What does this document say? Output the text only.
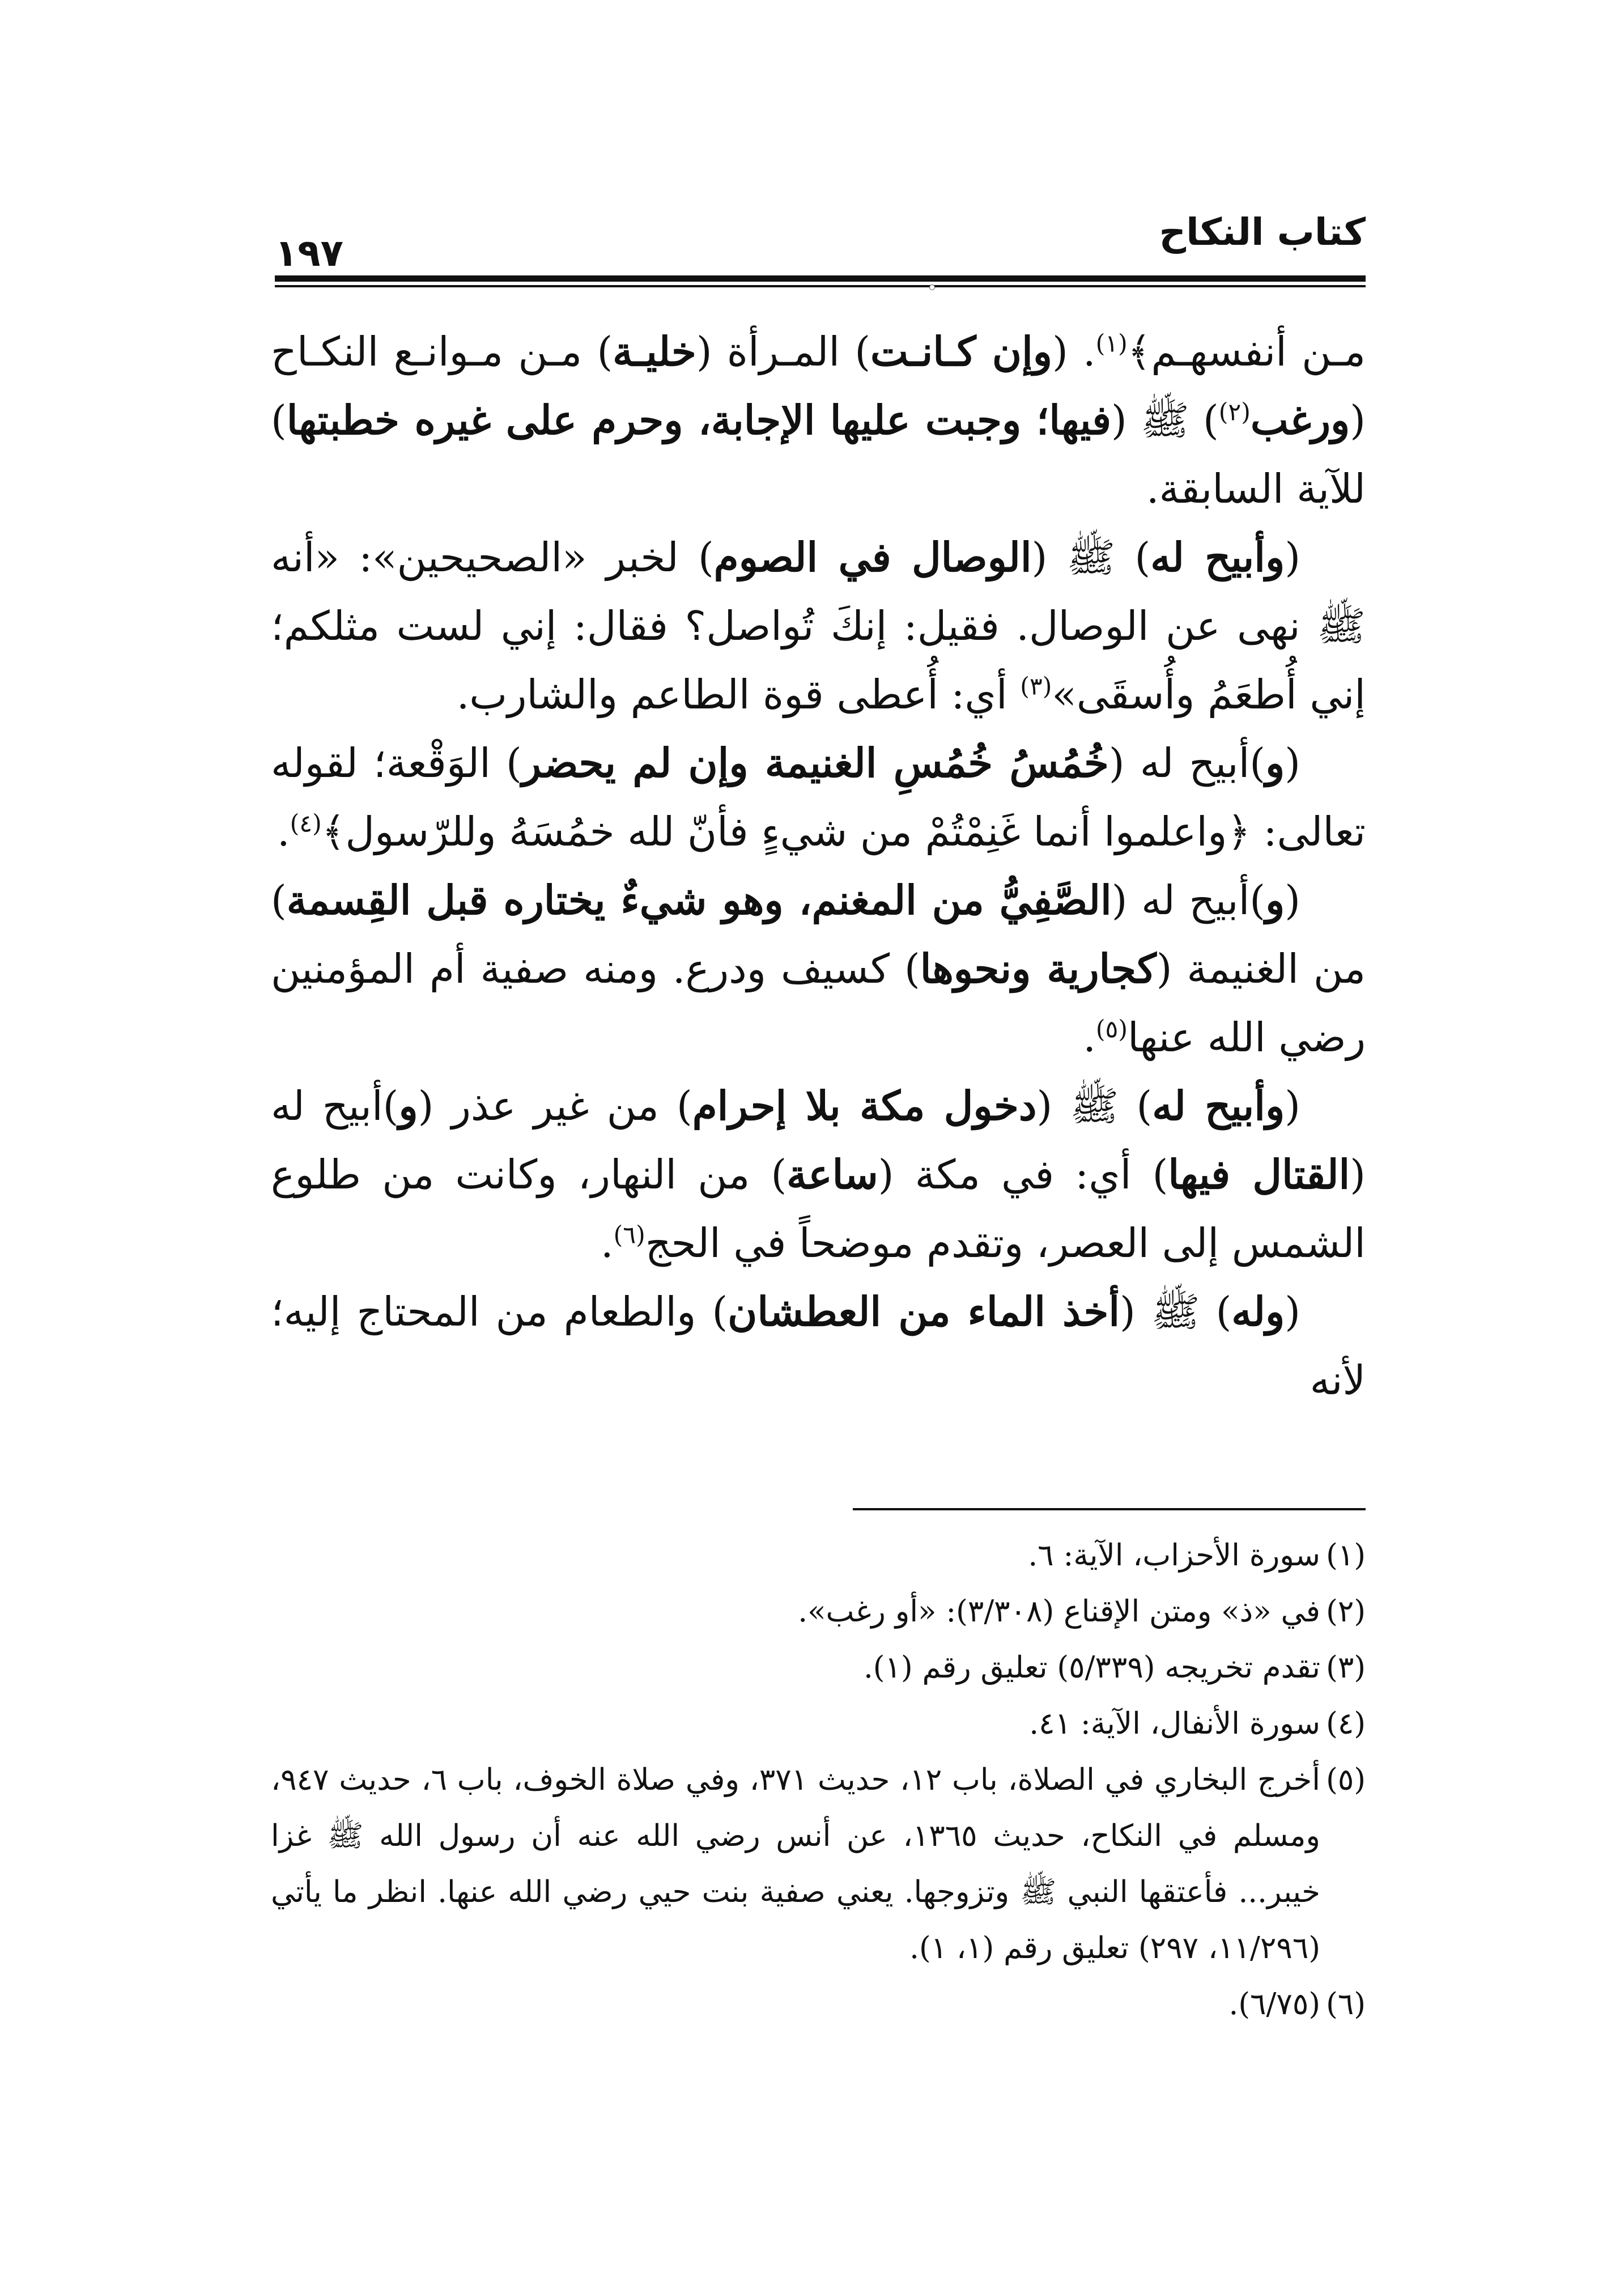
١٩٧	كتاب النكاح

مـن أنفسهـم﴾$^{(١)}$. (وإن كـانـت) المـرأة (خليـة) مـن مـوانـع النكـاح (ورغب$^{(٢)}$) ﷺ (فيها؛ وجبت عليها الإجابة، وحرم على غيره خطبتها) للآية السابقة.

(وأبيح له) ﷺ (الوصال في الصوم) لخبر «الصحيحين»: «أنه ﷺ نهى عن الوصال. فقيل: إنكَ تُواصل؟ فقال: إني لست مثلكم؛ إني أُطعَمُ وأُسقَى»$^{(٣)}$ أي: أُعطى قوة الطاعم والشارب.

(و)أبيح له (خُمُسُ خُمُسِ الغنيمة وإن لم يحضر) الوَقْعة؛ لقوله تعالى: ﴿واعلموا أنما غَنِمْتُمْ من شيءٍ فأنّ لله خمُسَهُ وللرّسول﴾$^{(٤)}$.

(و)أبيح له (الصَّفِيُّ من المغنم، وهو شيءٌ يختاره قبل القِسمة) من الغنيمة (كجارية ونحوها) كسيف ودرع. ومنه صفية أم المؤمنين رضي الله عنها$^{(٥)}$.

(وأبيح له) ﷺ (دخول مكة بلا إحرام) من غير عذر (و)أبيح له (القتال فيها) أي: في مكة (ساعة) من النهار، وكانت من طلوع الشمس إلى العصر، وتقدم موضحاً في الحج$^{(٦)}$.

(وله) ﷺ (أخذ الماء من العطشان) والطعام من المحتاج إليه؛ لأنه

(١)
سورة الأحزاب، الآية: ٦.
(٢)
في «ذ» ومتن الإقناع (٣/٣٠٨): «أو رغب».
(٣)
تقدم تخريجه (٥/٣٣٩) تعليق رقم (١).
(٤)
سورة الأنفال، الآية: ٤١.
(٥)
أخرج البخاري في الصلاة، باب ١٢، حديث ٣٧١، وفي صلاة الخوف، باب ٦، حديث ٩٤٧، ومسلم في النكاح، حديث ١٣٦٥، عن أنس رضي الله عنه أن رسول الله ﷺ غزا خيبر... فأعتقها النبي ﷺ وتزوجها. يعني صفية بنت حيي رضي الله عنها. انظر ما يأتي (١١/٢٩٦، ٢٩٧) تعليق رقم (١، ١).
(٦)
(٦/٧٥).
